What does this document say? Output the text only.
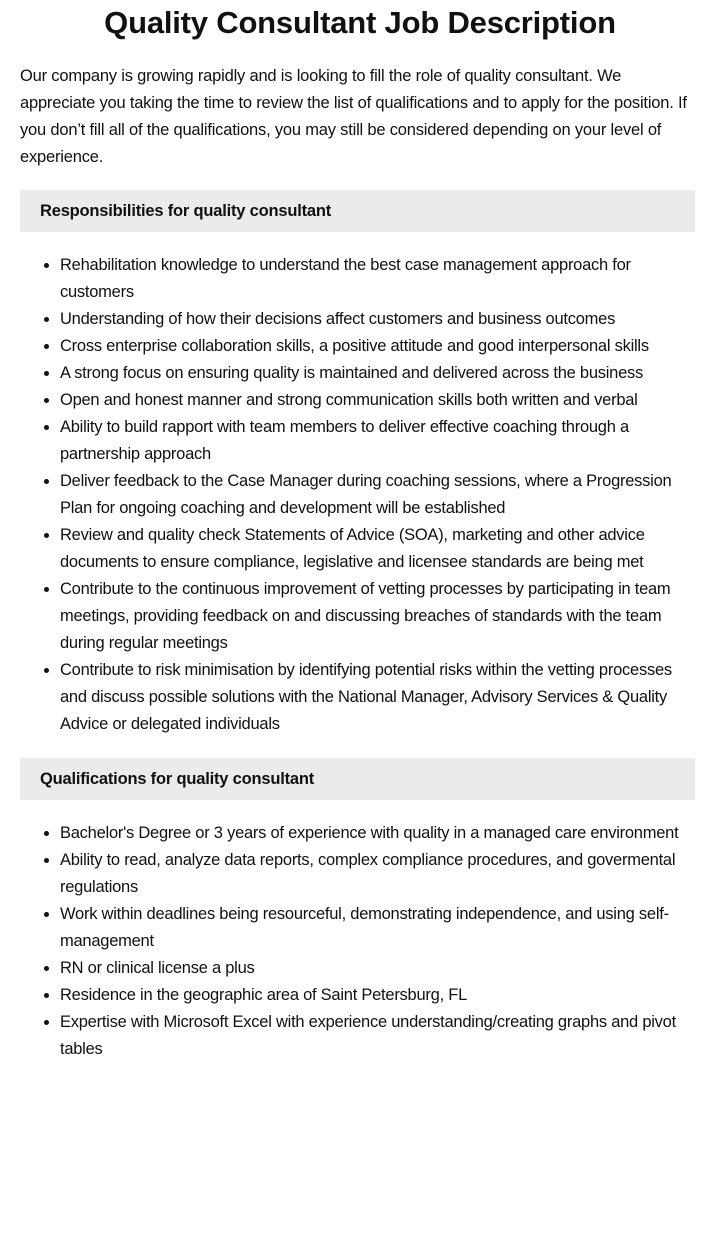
Quality Consultant Job Description

Our company is growing rapidly and is looking to fill the role of quality consultant. We appreciate you taking the time to review the list of qualifications and to apply for the position. If you don’t fill all of the qualifications, you may still be considered depending on your level of experience.

Responsibilities for quality consultant
• Rehabilitation knowledge to understand the best case management approach for customers
• Understanding of how their decisions affect customers and business outcomes
• Cross enterprise collaboration skills, a positive attitude and good interpersonal skills
• A strong focus on ensuring quality is maintained and delivered across the business
• Open and honest manner and strong communication skills both written and verbal
• Ability to build rapport with team members to deliver effective coaching through a partnership approach
• Deliver feedback to the Case Manager during coaching sessions, where a Progression Plan for ongoing coaching and development will be established
• Review and quality check Statements of Advice (SOA), marketing and other advice documents to ensure compliance, legislative and licensee standards are being met
• Contribute to the continuous improvement of vetting processes by participating in team meetings, providing feedback on and discussing breaches of standards with the team during regular meetings
• Contribute to risk minimisation by identifying potential risks within the vetting processes and discuss possible solutions with the National Manager, Advisory Services & Quality Advice or delegated individuals
Qualifications for quality consultant
• Bachelor's Degree or 3 years of experience with quality in a managed care environment
• Ability to read, analyze data reports, complex compliance procedures, and govermental regulations
• Work within deadlines being resourceful, demonstrating independence, and using self-management
• RN or clinical license a plus
• Residence in the geographic area of Saint Petersburg, FL
• Expertise with Microsoft Excel with experience understanding/creating graphs and pivot tables
